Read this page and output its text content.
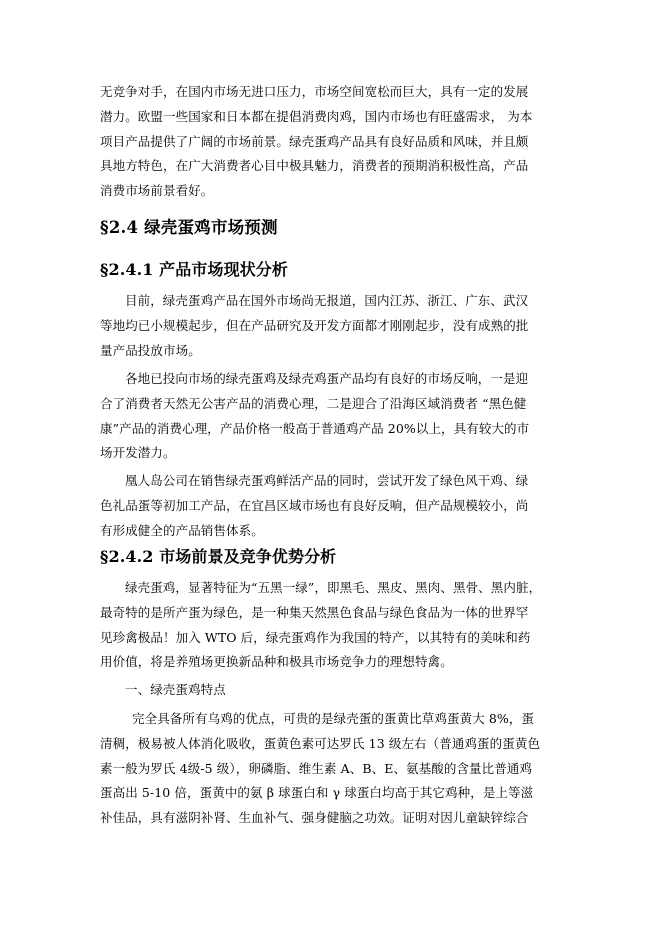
无竞争对手，在国内市场无进口压力，市场空间宽松而巨大，具有一定的发展
潜力。欧盟一些国家和日本都在提倡消费肉鸡，国内市场也有旺盛需求， 为本
项目产品提供了广阔的市场前景。绿壳蛋鸡产品具有良好品质和风味，并且颇
具地方特色，在广大消费者心目中极具魅力，消费者的预期消积极性高，产品
消费市场前景看好。
§2.4 绿壳蛋鸡市场预测
§2.4.1 产品市场现状分析
目前，绿壳蛋鸡产品在国外市场尚无报道，国内江苏、浙江、广东、武汉
等地均已小规模起步，但在产品研究及开发方面都才刚刚起步，没有成熟的批
量产品投放市场。
各地已投向市场的绿壳蛋鸡及绿壳鸡蛋产品均有良好的市场反响，一是迎
合了消费者天然无公害产品的消费心理，二是迎合了沿海区域消费者 “黑色健
康”产品的消费心理，产品价格一般高于普通鸡产品 20%以上，具有较大的市
场开发潜力。
凰人岛公司在销售绿壳蛋鸡鲜活产品的同时，尝试开发了绿色风干鸡、绿
色礼品蛋等初加工产品，在宜昌区域市场也有良好反响，但产品规模较小，尚
有形成健全的产品销售体系。
§2.4.2 市场前景及竞争优势分析
绿壳蛋鸡，显著特征为“五黑一绿”，即黑毛、黑皮、黑肉、黑骨、黑内脏，
最奇特的是所产蛋为绿色，是一种集天然黑色食品与绿色食品为一体的世界罕
见珍禽极品！加入 WTO 后，绿壳蛋鸡作为我国的特产，以其特有的美味和药
用价值，将是养殖场更换新品种和极具市场竞争力的理想特禽。
一、绿壳蛋鸡特点
完全具备所有乌鸡的优点，可贵的是绿壳蛋的蛋黄比草鸡蛋黄大 8%，蛋
清稠，极易被人体消化吸收，蛋黄色素可达罗氏 13 级左右（普通鸡蛋的蛋黄色
素一般为罗氏 4级-5 级），卵磷脂、维生素 A、B、E、氨基酸的含量比普通鸡
蛋高出 5-10 倍，蛋黄中的氨 β 球蛋白和 γ 球蛋白均高于其它鸡种，是上等滋
补佳品，具有滋阴补肾、生血补气、强身健脑之功效。证明对因儿童缺锌综合
